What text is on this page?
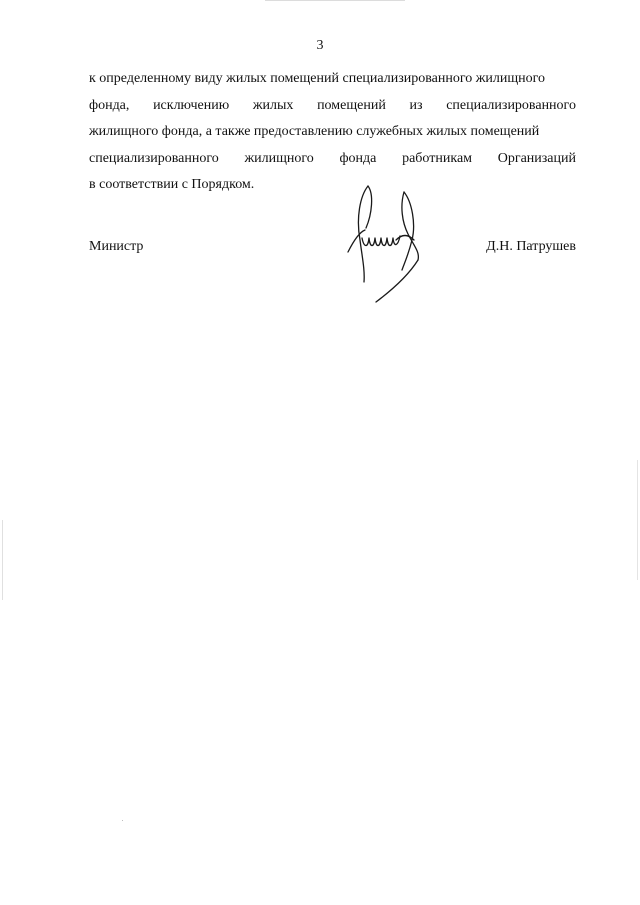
3
к определенному виду жилых помещений специализированного жилищного
фонда, исключению жилых помещений из специализированного
жилищного фонда, а также предоставлению служебных жилых помещений
специализированного жилищного фонда работникам Организаций
в соответствии с Порядком.
Министр	Д.Н. Патрушев
